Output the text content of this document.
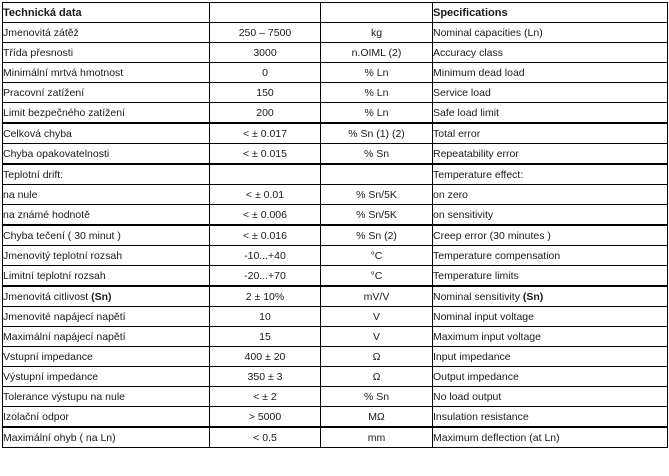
Technická data			Specifications
Jmenovitá zátěž	250 – 7500	kg	Nominal capacities (Ln)
Třída přesnosti	3000	n.OIML (2)	Accuracy class
Minimální mrtvá hmotnost	0	% Ln	Minimum dead load
Pracovní zatížení	150	% Ln	Service load
Limit bezpečného zatížení	200	% Ln	Safe load limit
Celková chyba	< ± 0.017	% Sn (1) (2)	Total error
Chyba opakovatelnosti	< ± 0.015	% Sn	Repeatability error
Teplotní drift:			Temperature effect:
na nule	< ± 0.01	% Sn/5K	on zero
na známé hodnotě	< ± 0.006	% Sn/5K	on sensitivity
Chyba tečení ( 30 minut )	< ± 0.016	% Sn (2)	Creep error (30 minutes )
Jmenovitý teplotní rozsah	-10...+40	°C	Temperature compensation
Limitní teplotní rozsah	-20...+70	°C	Temperature limits
Jmenovitá citlivost (Sn)	2 ± 10%	mV/V	Nominal sensitivity (Sn)
Jmenovité napájecí napětí	10	V	Nominal input voltage
Maximální napájecí napětí	15	V	Maximum input voltage
Vstupní impedance	400 ± 20	Ω	Input impedance
Výstupní impedance	350 ± 3	Ω	Output impedance
Tolerance výstupu na nule	< ± 2	% Sn	No load output
Izolační odpor	> 5000	MΩ	Insulation resistance
Maximální ohyb ( na Ln)	< 0.5	mm	Maximum deflection (at Ln)
